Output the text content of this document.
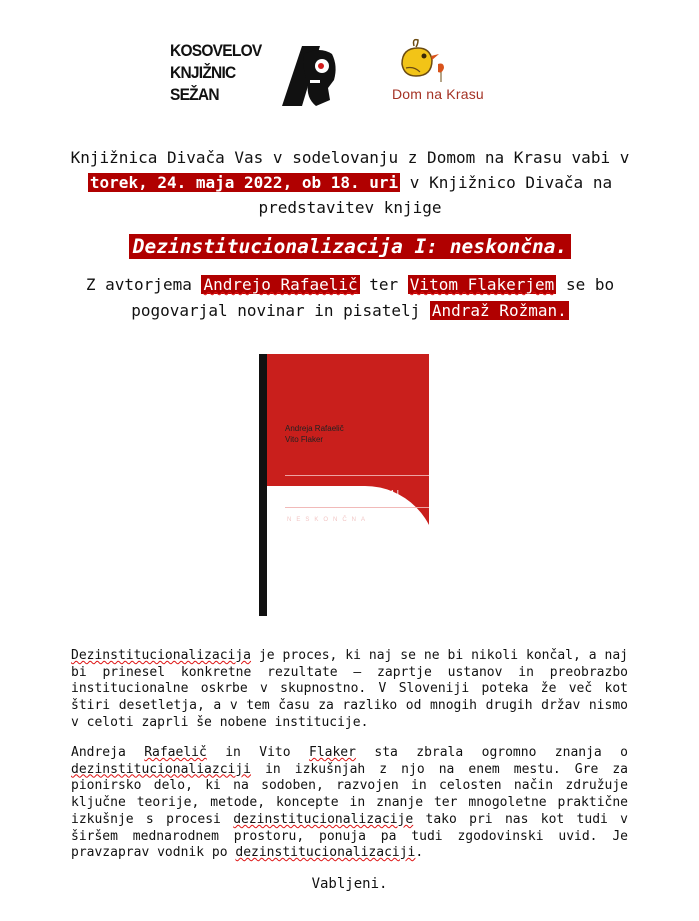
KOSOVELOV
KNJIŽNIC
SEŽAN	Dom na Krasu
Knjižnica Divača Vas v sodelovanju z Domom na Krasu vabi v torek, 24. maja 2022, ob 18. uri v Knjižnico Divača na predstavitev knjige
Dezinstitucionalizacija I: neskončna.
Z avtorjema Andrejo Rafaelič ter Vitom Flakerjem se bo pogovarjal novinar in pisatelj Andraž Rožman.
Andreja Rafaelič
Vito Flaker
DEZINSTITUCIONALIZACIJA I
NESKONČNA
Dezinstitucionalizacija je proces, ki naj se ne bi nikoli končal, a naj bi prinesel konkretne rezultate – zaprtje ustanov in preobrazbo institucionalne oskrbe v skupnostno. V Sloveniji poteka že več kot štiri desetletja, a v tem času za razliko od mnogih drugih držav nismo v celoti zaprli še nobene institucije.
Andreja Rafaelič in Vito Flaker sta zbrala ogromno znanja o dezinstitucionaliazciji in izkušnjah z njo na enem mestu. Gre za pionirsko delo, ki na sodoben, razvojen in celosten način združuje ključne teorije, metode, koncepte in znanje ter mnogoletne praktične izkušnje s procesi dezinstitucionalizacije tako pri nas kot tudi v širšem mednarodnem prostoru, ponuja pa tudi zgodovinski uvid. Je pravzaprav vodnik po dezinstitucionalizaciji.
Vabljeni.
